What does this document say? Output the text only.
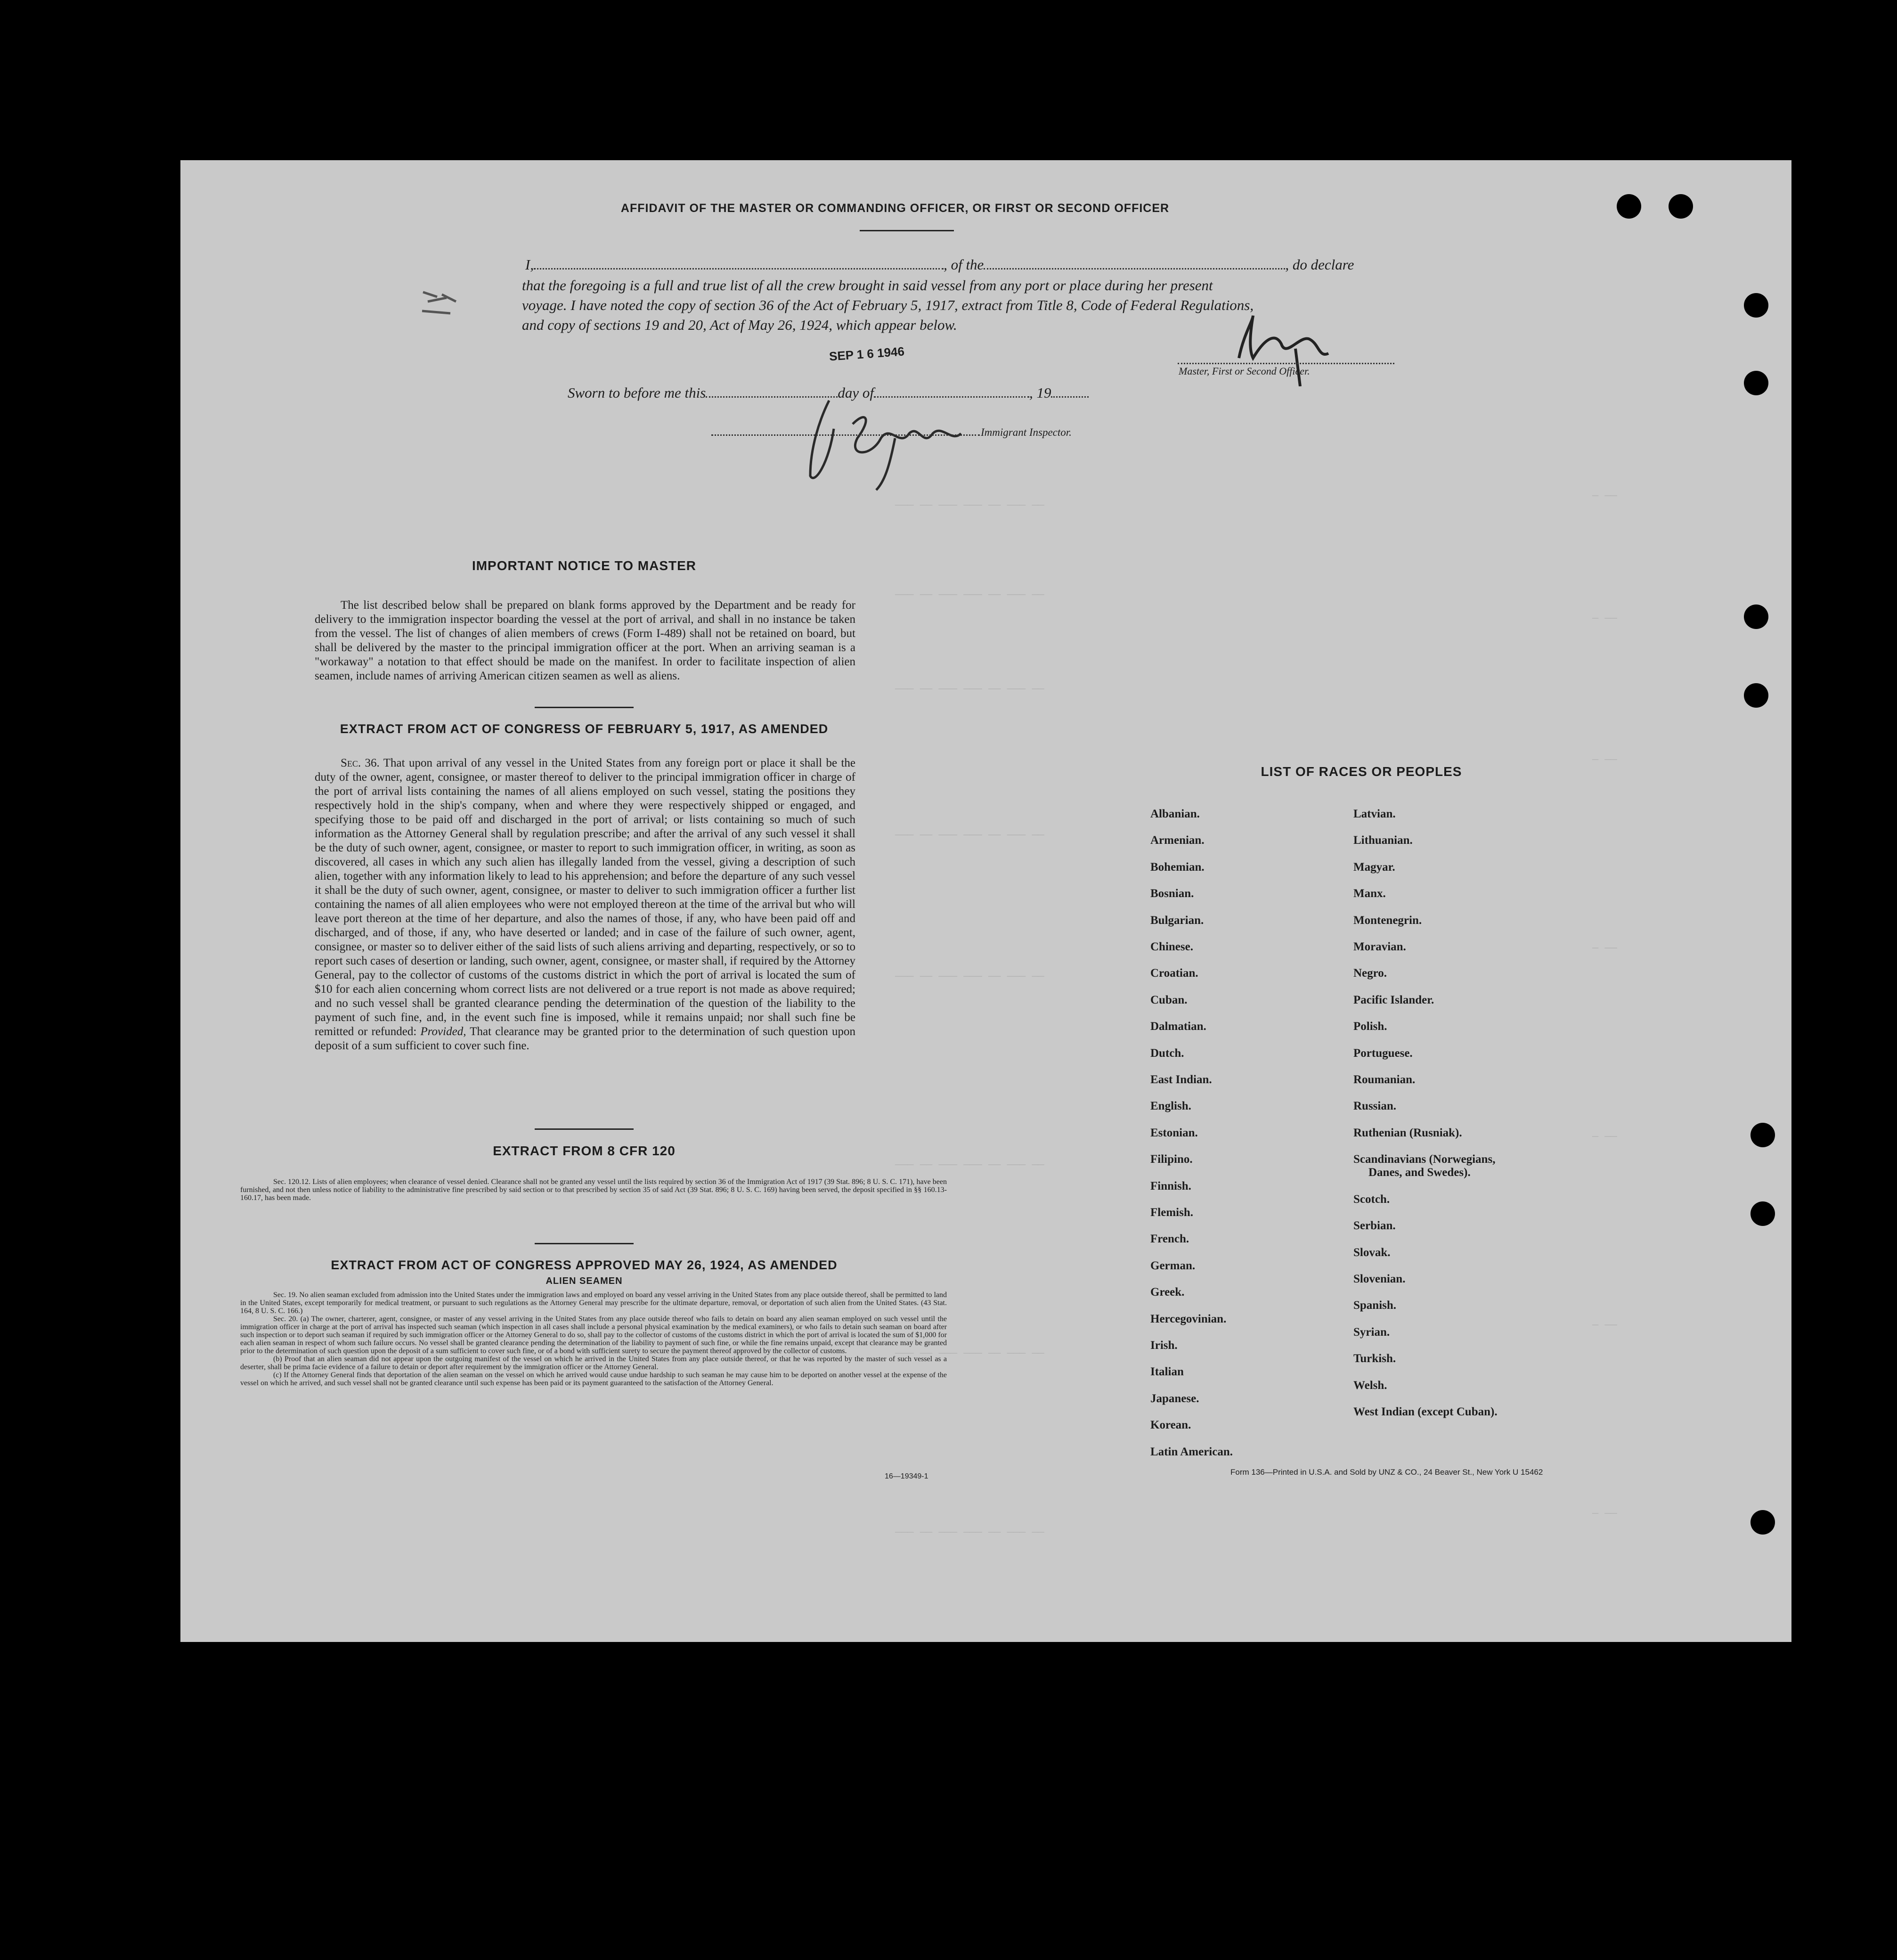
——— —— ——— ——— —— ——— ——
——— —— ——— ——— —— ——— ——
——— —— ——— ——— —— ——— ——
——— —— ——— ——— —— ——— ——
——— —— ——— ——— —— ——— ——
——— —— ——— ——— —— ——— ——
——— —— ——— ——— —— ——— ——
——— —— ——— ——— —— ——— ——
— ——
— ——
— ——
— ——
— ——
— ——
— ——
AFFIDAVIT OF THE MASTER OR COMMANDING OFFICER, OR FIRST OR SECOND OFFICER
I,	, of the	, do declare
that the foregoing is a full and true list of all the crew brought in said vessel from any port or place during her present
voyage. I have noted the copy of section 36 of the Act of February 5, 1917, extract from Title 8, Code of Federal Regulations,
and copy of sections 19 and 20, Act of May 26, 1924, which appear below.
SEP 1 6 1946
Master, First or Second Officer.
Sworn to before me this	day of	, 19
Immigrant Inspector.
IMPORTANT NOTICE TO MASTER
The list described below shall be prepared on blank forms approved by the Department and be ready for delivery to the immigration inspector boarding the vessel at the port of arrival, and shall in no instance be taken from the vessel. The list of changes of alien members of crews (Form I-489) shall not be retained on board, but shall be delivered by the master to the principal immigration officer at the port. When an arriving seaman is a "workaway" a notation to that effect should be made on the manifest. In order to facilitate inspection of alien seamen, include names of arriving American citizen seamen as well as aliens.
EXTRACT FROM ACT OF CONGRESS OF FEBRUARY 5, 1917, AS AMENDED
Sec. 36. That upon arrival of any vessel in the United States from any foreign port or place it shall be the duty of the owner, agent, consignee, or master thereof to deliver to the principal immigration officer in charge of the port of arrival lists containing the names of all aliens employed on such vessel, stating the positions they respectively hold in the ship's company, when and where they were respectively shipped or engaged, and specifying those to be paid off and discharged in the port of arrival; or lists containing so much of such information as the Attorney General shall by regulation prescribe; and after the arrival of any such vessel it shall be the duty of such owner, agent, consignee, or master to report to such immigration officer, in writing, as soon as discovered, all cases in which any such alien has illegally landed from the vessel, giving a description of such alien, together with any information likely to lead to his apprehension; and before the departure of any such vessel it shall be the duty of such owner, agent, consignee, or master to deliver to such immigration officer a further list containing the names of all alien employees who were not employed thereon at the time of the arrival but who will leave port thereon at the time of her departure, and also the names of those, if any, who have been paid off and discharged, and of those, if any, who have deserted or landed; and in case of the failure of such owner, agent, consignee, or master so to deliver either of the said lists of such aliens arriving and departing, respectively, or so to report such cases of desertion or landing, such owner, agent, consignee, or master shall, if required by the Attorney General, pay to the collector of customs of the customs district in which the port of arrival is located the sum of $10 for each alien concerning whom correct lists are not delivered or a true report is not made as above required; and no such vessel shall be granted clearance pending the determination of the question of the liability to the payment of such fine, and, in the event such fine is imposed, while it remains unpaid; nor shall such fine be remitted or refunded: Provided, That clearance may be granted prior to the determination of such question upon deposit of a sum sufficient to cover such fine.
EXTRACT FROM 8 CFR 120
Sec. 120.12. Lists of alien employees; when clearance of vessel denied. Clearance shall not be granted any vessel until the lists required by section 36 of the Immigration Act of 1917 (39 Stat. 896; 8 U. S. C. 171), have been furnished, and not then unless notice of liability to the administrative fine prescribed by said section or to that prescribed by section 35 of said Act (39 Stat. 896; 8 U. S. C. 169) having been served, the deposit specified in §§ 160.13-160.17, has been made.
EXTRACT FROM ACT OF CONGRESS APPROVED MAY 26, 1924, AS AMENDED
ALIEN SEAMEN
Sec. 19. No alien seaman excluded from admission into the United States under the immigration laws and employed on board any vessel arriving in the United States from any place outside thereof, shall be permitted to land in the United States, except temporarily for medical treatment, or pursuant to such regulations as the Attorney General may prescribe for the ultimate departure, removal, or deportation of such alien from the United States. (43 Stat. 164, 8 U. S. C. 166.)
Sec. 20. (a) The owner, charterer, agent, consignee, or master of any vessel arriving in the United States from any place outside thereof who fails to detain on board any alien seaman employed on such vessel until the immigration officer in charge at the port of arrival has inspected such seaman (which inspection in all cases shall include a personal physical examination by the medical examiners), or who fails to detain such seaman on board after such inspection or to deport such seaman if required by such immigration officer or the Attorney General to do so, shall pay to the collector of customs of the customs district in which the port of arrival is located the sum of $1,000 for each alien seaman in respect of whom such failure occurs. No vessel shall be granted clearance pending the determination of the liability to payment of such fine, or while the fine remains unpaid, except that clearance may be granted prior to the determination of such question upon the deposit of a sum sufficient to cover such fine, or of a bond with sufficient surety to secure the payment thereof approved by the collector of customs.
(b) Proof that an alien seaman did not appear upon the outgoing manifest of the vessel on which he arrived in the United States from any place outside thereof, or that he was reported by the master of such vessel as a deserter, shall be prima facie evidence of a failure to detain or deport after requirement by the immigration officer or the Attorney General.
(c) If the Attorney General finds that deportation of the alien seaman on the vessel on which he arrived would cause undue hardship to such seaman he may cause him to be deported on another vessel at the expense of the vessel on which he arrived, and such vessel shall not be granted clearance until such expense has been paid or its payment guaranteed to the satisfaction of the Attorney General.
16—19349-1
LIST OF RACES OR PEOPLES
Albanian.
Armenian.
Bohemian.
Bosnian.
Bulgarian.
Chinese.
Croatian.
Cuban.
Dalmatian.
Dutch.
East Indian.
English.
Estonian.
Filipino.
Finnish.
Flemish.
French.
German.
Greek.
Hercegovinian.
Irish.
Italian
Japanese.
Korean.
Latin American.
Latvian.
Lithuanian.
Magyar.
Manx.
Montenegrin.
Moravian.
Negro.
Pacific Islander.
Polish.
Portuguese.
Roumanian.
Russian.
Ruthenian (Rusniak).
Scandinavians (Norwegians,
Danes, and Swedes).
Scotch.
Serbian.
Slovak.
Slovenian.
Spanish.
Syrian.
Turkish.
Welsh.
West Indian (except Cuban).
Form 136—Printed in U.S.A. and Sold by UNZ & CO., 24 Beaver St., New York U 15462
